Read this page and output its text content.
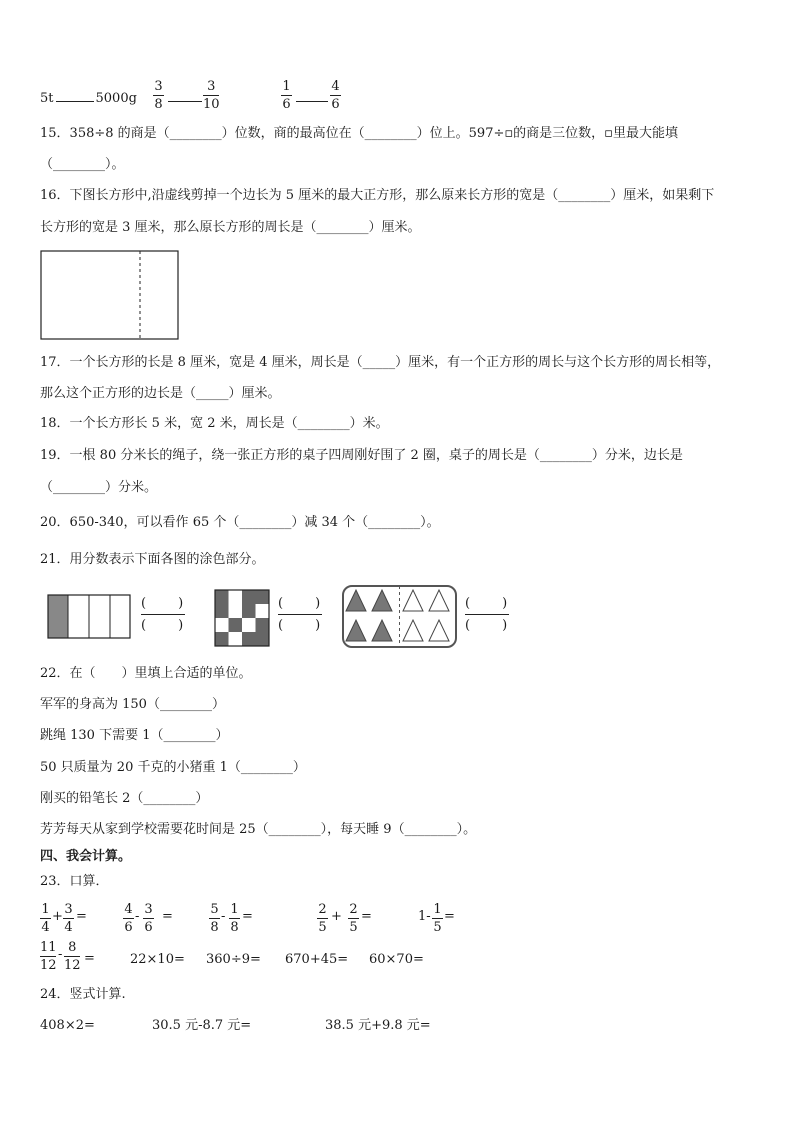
5t	5000g
3
8
3
10
1
6
4
6
15．358÷8 的商是（________）位数，商的最高位在（________）位上。597÷▫的商是三位数，▫里最大能填
（________）。
16．下图长方形中,沿虚线剪掉一个边长为 5 厘米的最大正方形，那么原来长方形的宽是（________）厘米，如果剩下
长方形的宽是 3 厘米，那么原长方形的周长是（________）厘米。
17．一个长方形的长是 8 厘米，宽是 4 厘米，周长是（_____）厘米，有一个正方形的周长与这个长方形的周长相等，
那么这个正方形的边长是（_____）厘米。
18．一个长方形长 5 米，宽 2 米，周长是（________）米。
19．一根 80 分米长的绳子，绕一张正方形的桌子四周刚好围了 2 圈，桌子的周长是（________）分米，边长是
（________）分米。
20．650-340，可以看作 65 个（________）减 34 个（________）。
21．用分数表示下面各图的涂色部分。
( )
( )
( )
( )
( )
( )
22．在（　　）里填上合适的单位。
军军的身高为 150（________）
跳绳 130 下需要 1（________）
50 只质量为 20 千克的小猪重 1（________）
刚买的铅笔长 2（________）
芳芳每天从家到学校需要花时间是 25（________），每天睡 9（________）。
四、我会计算。
23．口算．
1
4
+ 3
4
=	4
6
- 3
6
=	5
8
- 1
8
=	2
5
+ 2
5
=	1- 1
5
=
11
12
- 8
12 =	22×10= 360÷9= 670+45= 60×70=
24．竖式计算.
408×2=	30.5 元-8.7 元=	38.5 元+9.8 元=
